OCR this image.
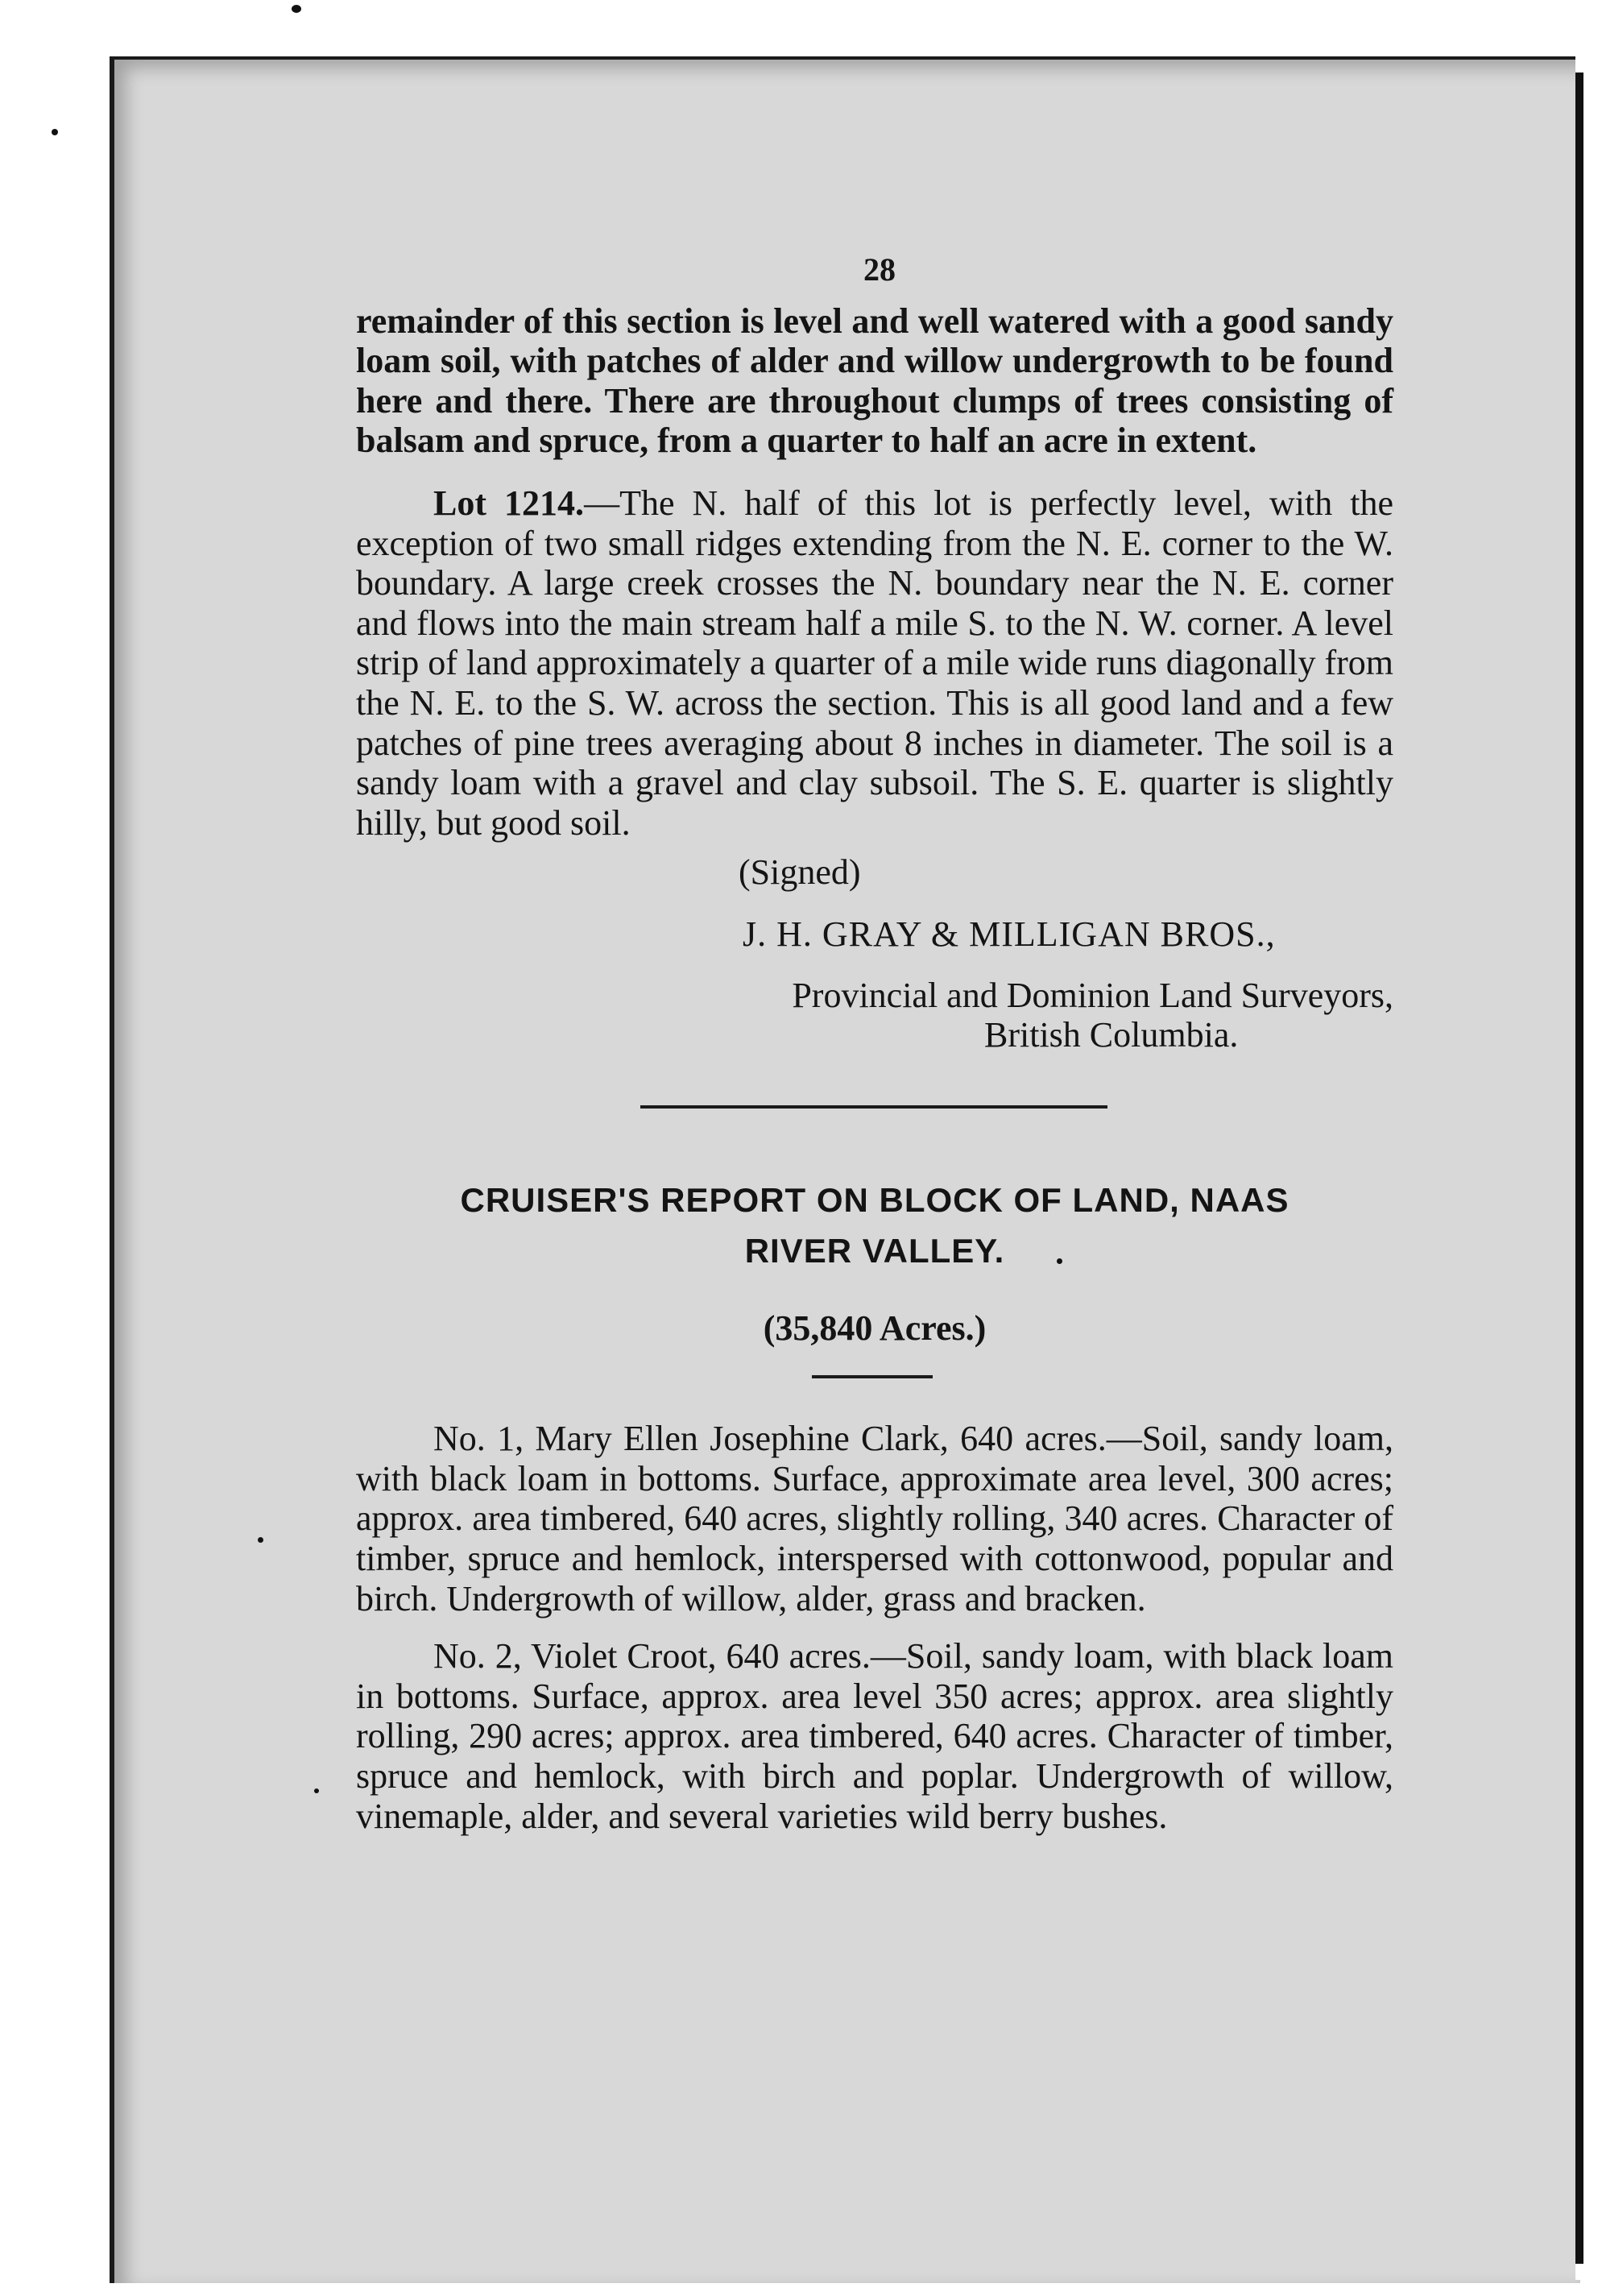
28

remainder of this section is level and well watered with a good sandy loam soil, with patches of alder and willow undergrowth to be found here and there. There are throughout clumps of trees consisting of balsam and spruce, from a quarter to half an acre in extent.

Lot 1214.—The N. half of this lot is perfectly level, with the exception of two small ridges extending from the N. E. corner to the W. boundary. A large creek crosses the N. boundary near the N. E. corner and flows into the main stream half a mile S. to the N. W. corner. A level strip of land approximately a quarter of a mile wide runs diagonally from the N. E. to the S. W. across the section. This is all good land and a few patches of pine trees averaging about 8 inches in diameter. The soil is a sandy loam with a gravel and clay subsoil. The S. E. quarter is slightly hilly, but good soil.

(Signed)
J. H. GRAY & MILLIGAN BROS.,
Provincial and Dominion Land Surveyors,
British Columbia.
CRUISER'S REPORT ON BLOCK OF LAND, NAAS
RIVER VALLEY.
(35,840 Acres.)

No. 1, Mary Ellen Josephine Clark, 640 acres.—Soil, sandy loam, with black loam in bottoms. Surface, approximate area level, 300 acres; approx. area timbered, 640 acres, slightly rolling, 340 acres. Character of timber, spruce and hemlock, interspersed with cottonwood, popular and birch. Undergrowth of willow, alder, grass and bracken.

No. 2, Violet Croot, 640 acres.—Soil, sandy loam, with black loam in bottoms. Surface, approx. area level 350 acres; approx. area slightly rolling, 290 acres; approx. area timbered, 640 acres. Character of timber, spruce and hemlock, with birch and poplar. Undergrowth of willow, vinemaple, alder, and several varieties wild berry bushes.
